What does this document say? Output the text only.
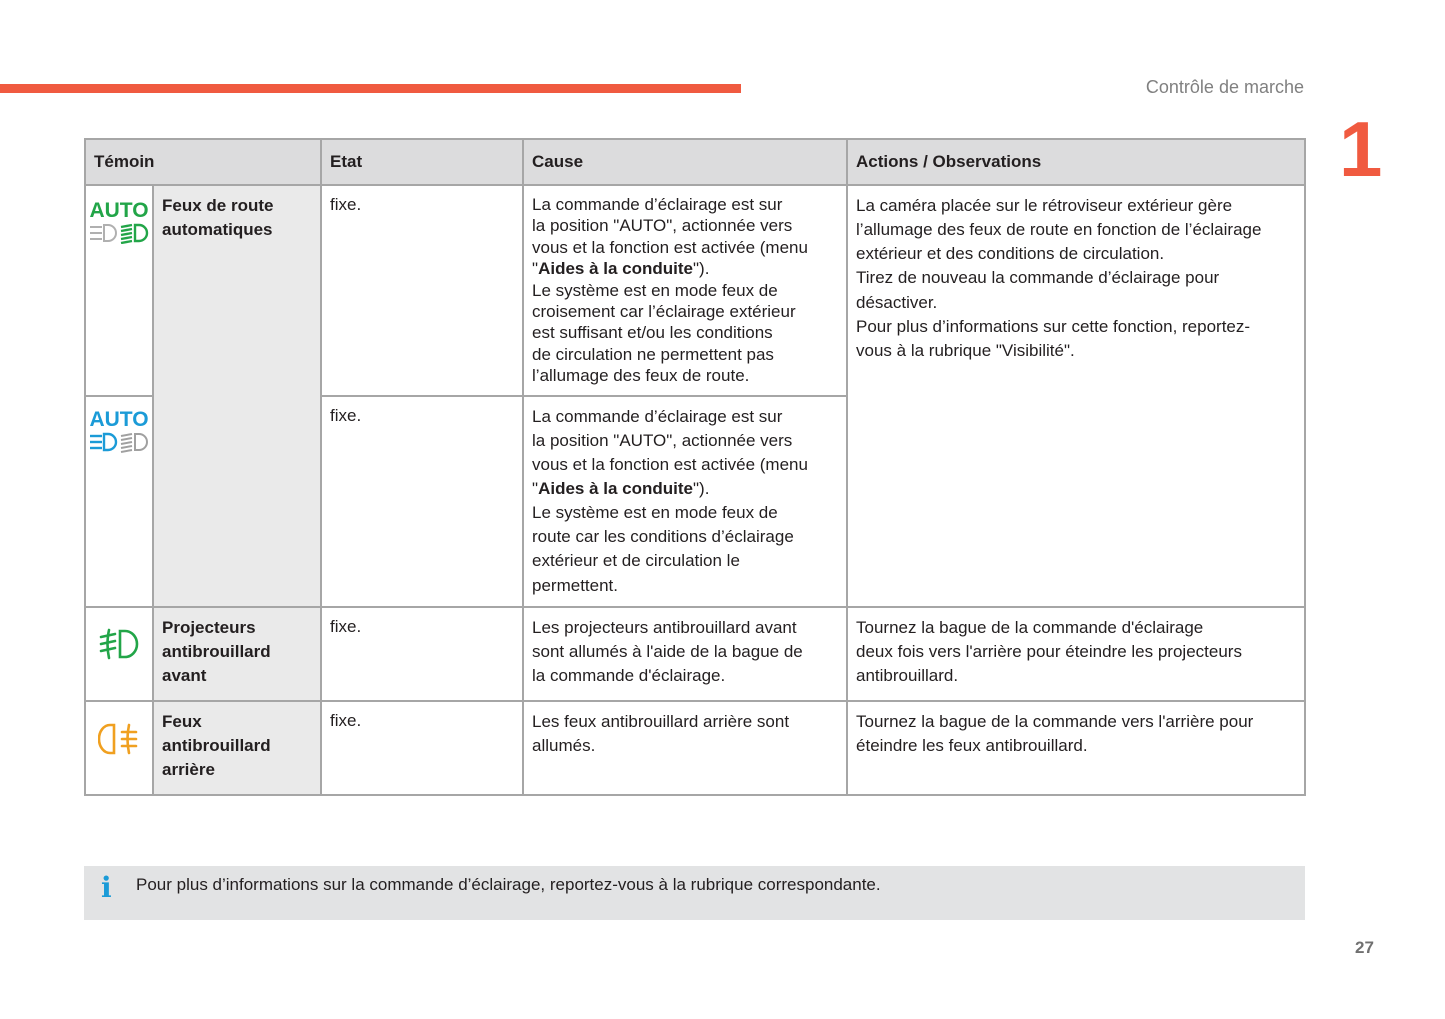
Contrôle de marche
1
Témoin		Etat	Cause	Actions / Observations

AUTO	Feux de route automatiques	fixe.	La commande d’éclairage est sur
la position "AUTO", actionnée vers
vous et la fonction est activée (menu
"Aides à la conduite").
Le système est en mode feux de
croisement car l’éclairage extérieur
est suffisant et/ou les conditions
de circulation ne permettent pas
l’allumage des feux de route.	La caméra placée sur le rétroviseur extérieur gère
l’allumage des feux de route en fonction de l’éclairage
extérieur et des conditions de circulation.
Tirez de nouveau la commande d’éclairage pour
désactiver.
Pour plus d’informations sur cette fonction, reportez-
vous à la rubrique "Visibilité".

AUTO	fixe.	La commande d’éclairage est sur
la position "AUTO", actionnée vers
vous et la fonction est activée (menu
"Aides à la conduite").
Le système est en mode feux de
route car les conditions d’éclairage
extérieur et de circulation le
permettent.

	Projecteurs
antibrouillard
avant	fixe.	Les projecteurs antibrouillard avant
sont allumés à l'aide de la bague de
la commande d'éclairage.	Tournez la bague de la commande d'éclairage
deux fois vers l'arrière pour éteindre les projecteurs
antibrouillard.

	Feux
antibrouillard
arrière	fixe.	Les feux antibrouillard arrière sont
allumés.	Tournez la bague de la commande vers l'arrière pour
éteindre les feux antibrouillard.
i Pour plus d’informations sur la commande d’éclairage, reportez-vous à la rubrique correspondante.
27
